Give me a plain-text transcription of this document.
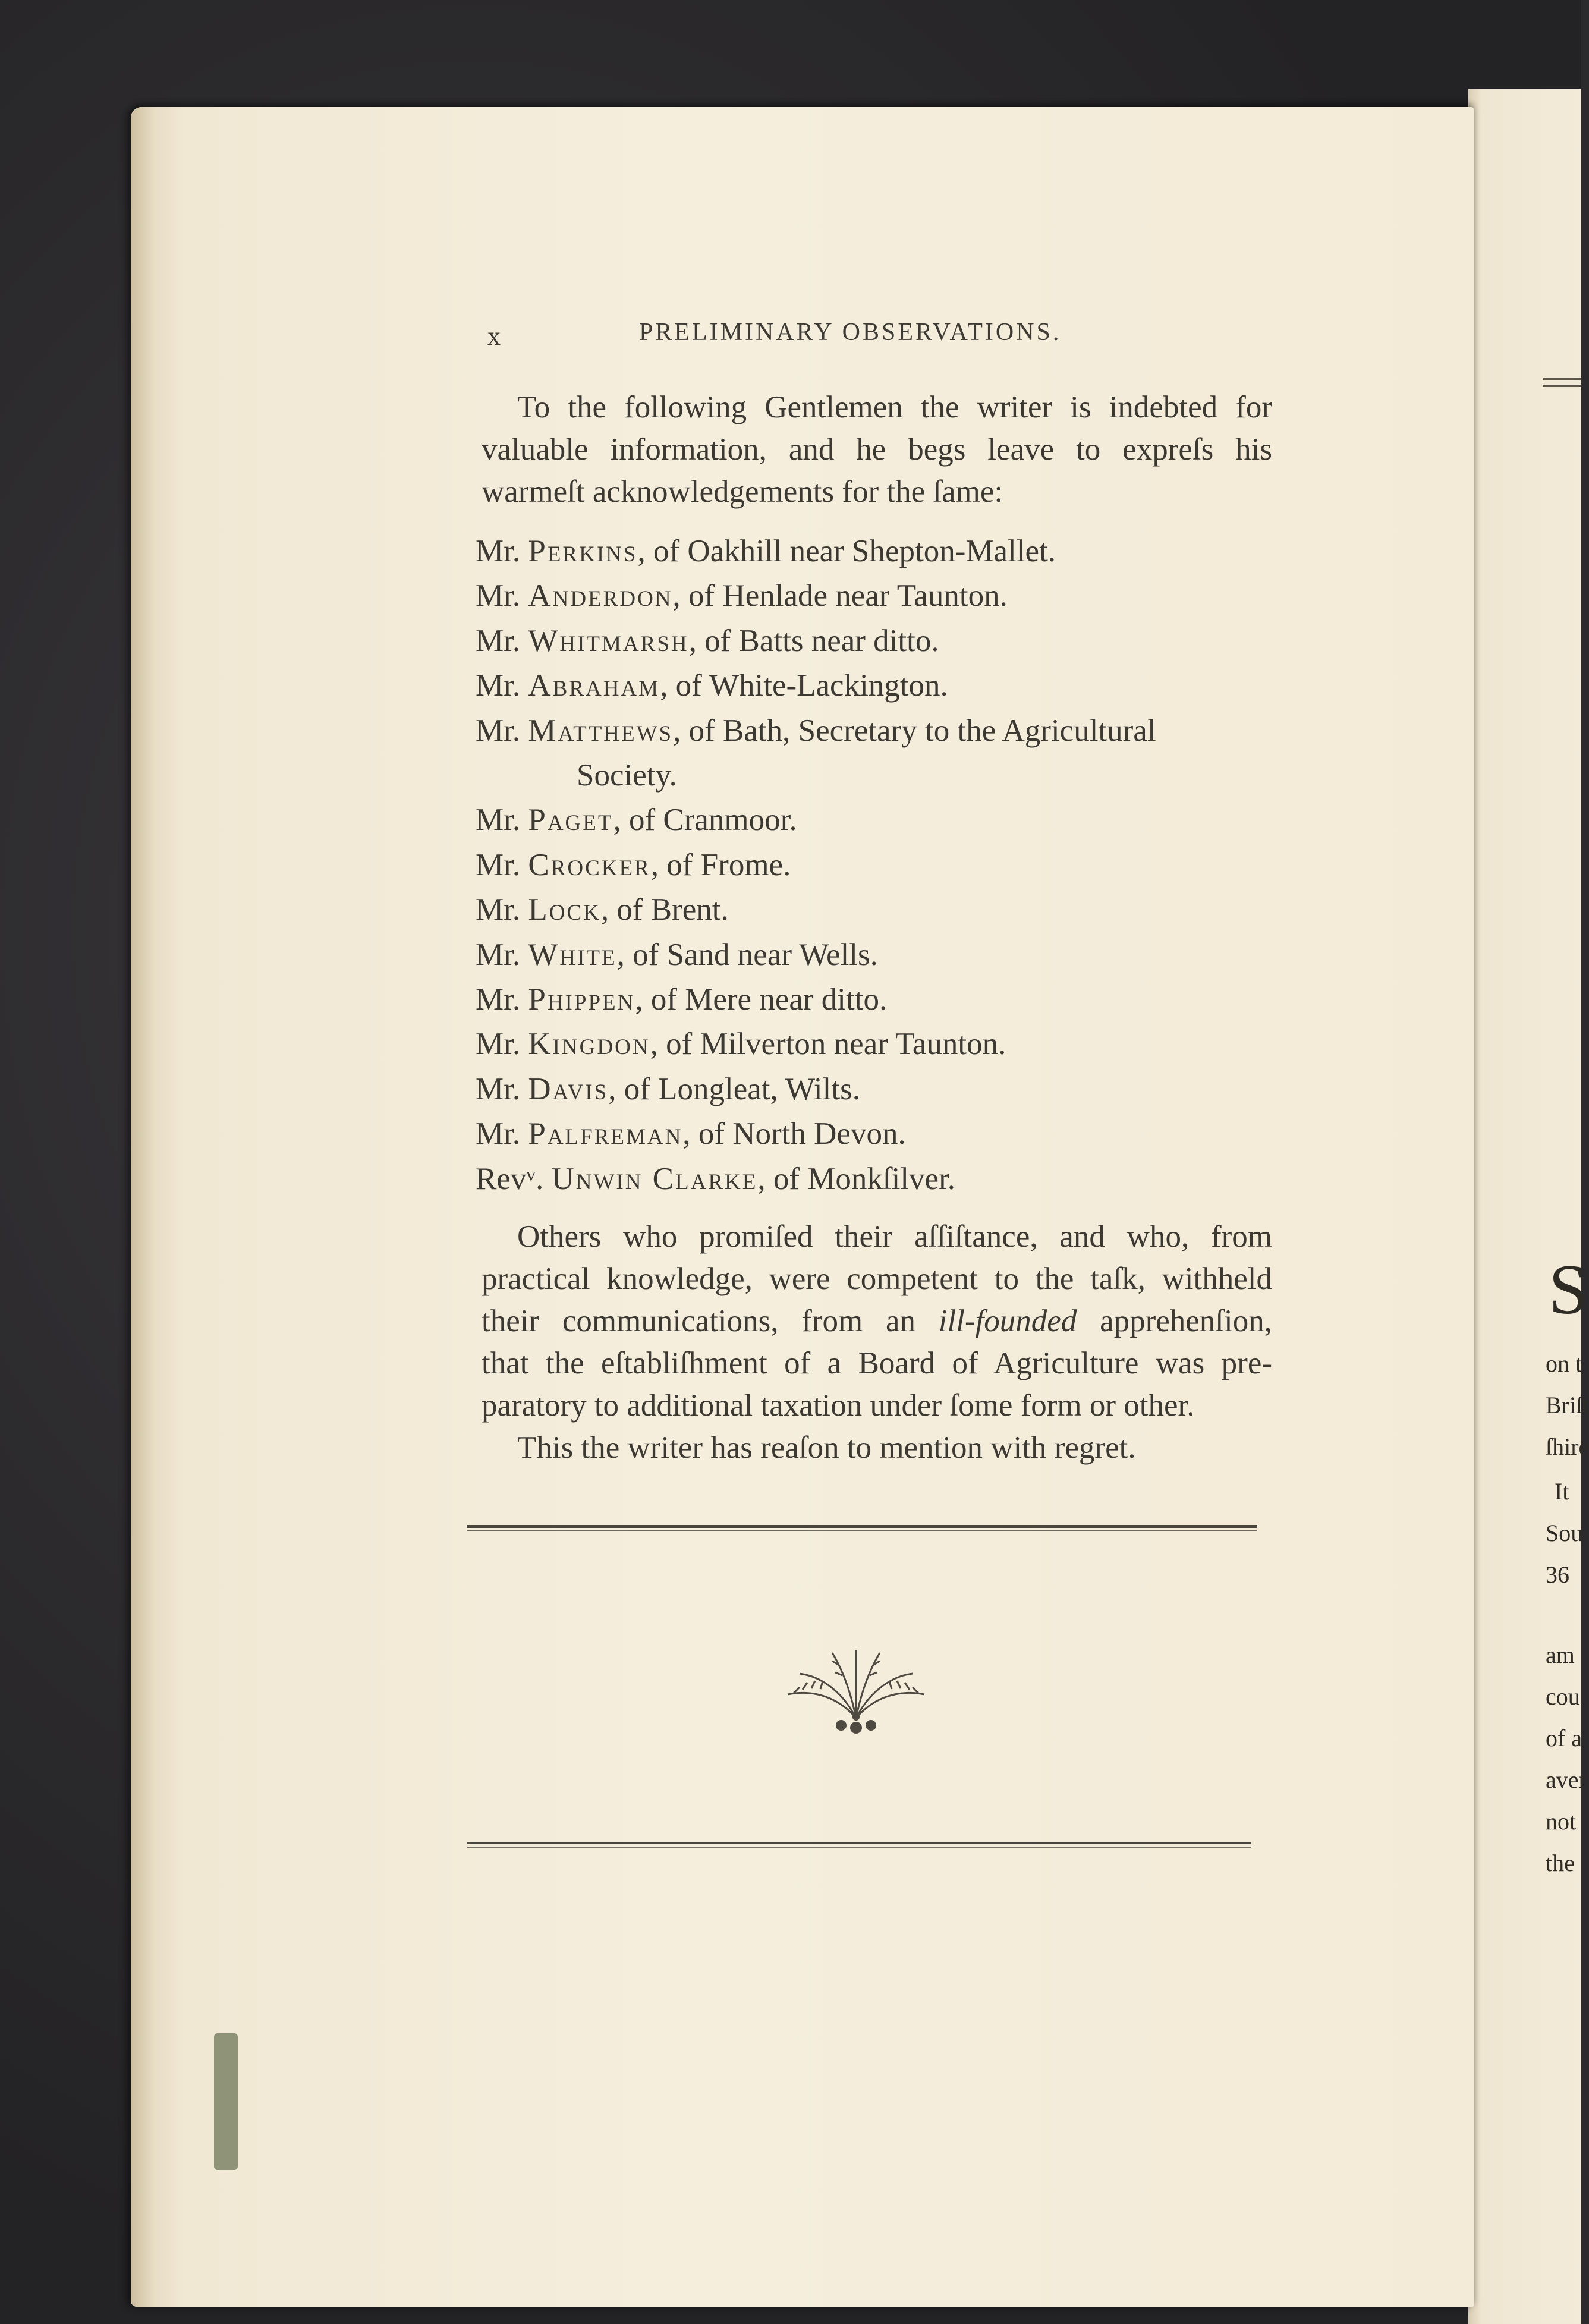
S
on t
Briſt
ſhire
It
Sou
36
am
cou
of a
aver
not
the
x	PRELIMINARY OBSERVATIONS.
To the following Gentlemen the writer is indebted for
valuable information, and he begs leave to expreſs his
warmeſt acknowledgements for the ſame:
Mr. Perkins, of Oakhill near Shepton-Mallet.
Mr. Anderdon, of Henlade near Taunton.
Mr. Whitmarsh, of Batts near ditto.
Mr. Abraham, of White-Lackington.
Mr. Matthews, of Bath, Secretary to the Agricultural
Society.
Mr. Paget, of Cranmoor.
Mr. Crocker, of Frome.
Mr. Lock, of Brent.
Mr. White, of Sand near Wells.
Mr. Phippen, of Mere near ditto.
Mr. Kingdon, of Milverton near Taunton.
Mr. Davis, of Longleat, Wilts.
Mr. Palfreman, of North Devon.
Revᵛ. Unwin Clarke, of Monkſilver.
Others who promiſed their aſſiſtance, and who, from
practical knowledge, were competent to the taſk, withheld
their communications, from an ill-founded apprehenſion,
that the eſtabliſhment of a Board of Agriculture was pre-
paratory to additional taxation under ſome form or other.
This the writer has reaſon to mention with regret.
